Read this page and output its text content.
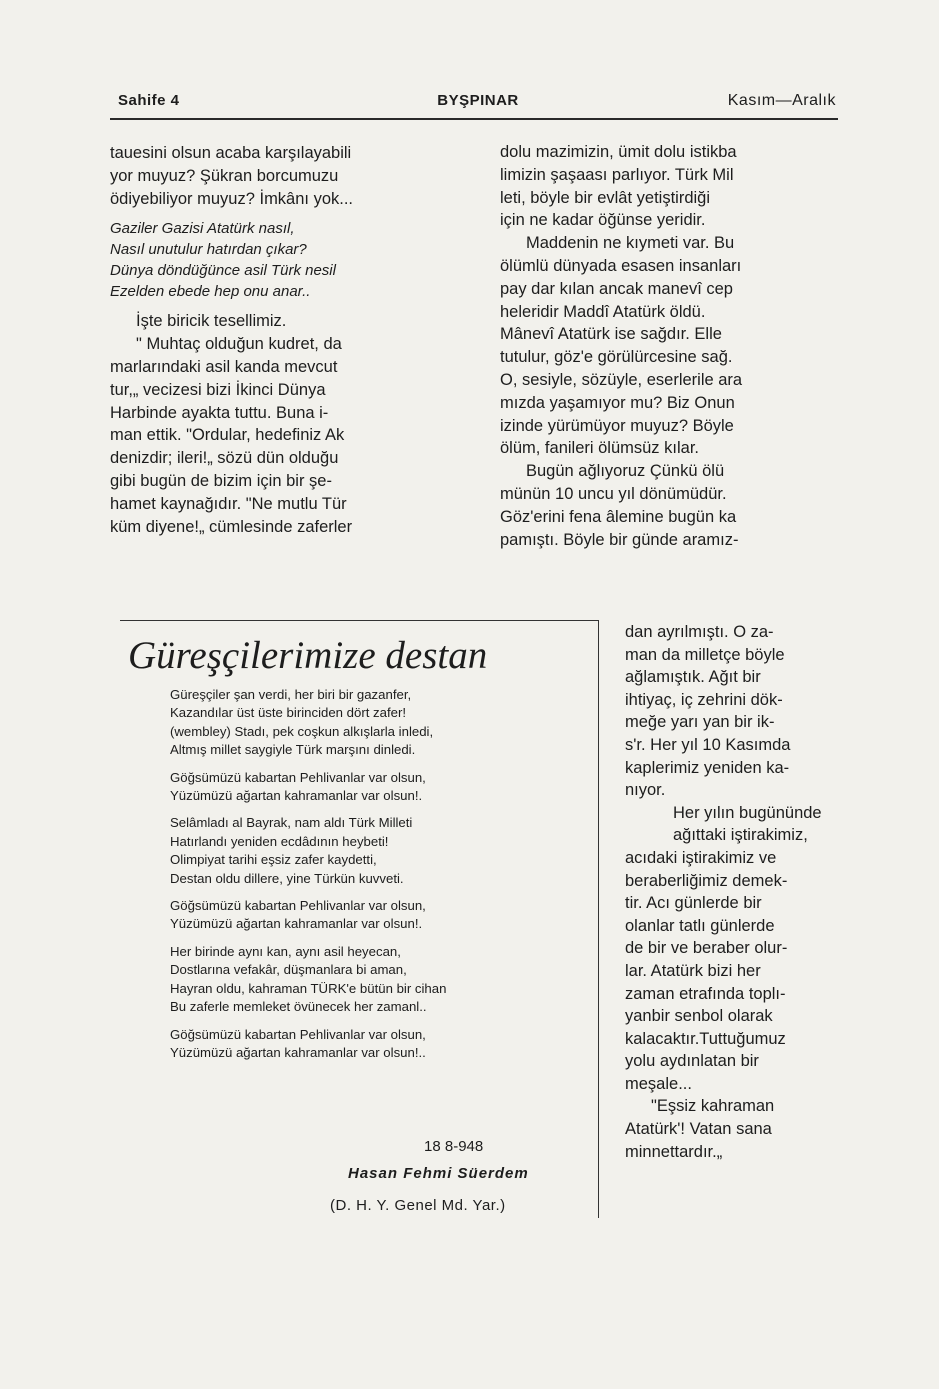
Sahife 4	BYŞPINAR	Kasım—Aralık
tauesini olsun acaba karşılayabili
yor muyuz? Şükran borcumuzu
ödiyebiliyor muyuz? İmkânı yok...
Gaziler Gazisi Atatürk nasıl,
Nasıl unutulur hatırdan çıkar?
Dünya döndüğünce asil Türk nesil
Ezelden ebede hep onu anar..
İşte biricik tesellimiz.
" Muhtaç olduğun kudret, da
marlarındaki asil kanda mevcut
tur,„ vecizesi bizi İkinci Dünya
Harbinde ayakta tuttu. Buna i-
man ettik. "Ordular, hedefiniz Ak
denizdir; ileri!„ sözü dün olduğu
gibi bugün de bizim için bir şe-
hamet kaynağıdır. "Ne mutlu Tür
küm diyene!„ cümlesinde zaferler
dolu mazimizin, ümit dolu istikba
limizin şaşaası parlıyor. Türk Mil
leti, böyle bir evlât yetiştirdiği
için ne kadar öğünse yeridir.
Maddenin ne kıymeti var. Bu
ölümlü dünyada esasen insanları
pay dar kılan ancak manevî cep
heleridir Maddî Atatürk öldü.
Mânevî Atatürk ise sağdır. Elle
tutulur, göz'e görülürcesine sağ.
O, sesiyle, sözüyle, eserlerile ara
mızda yaşamıyor mu? Biz Onun
izinde yürümüyor muyuz? Böyle
ölüm, fanileri ölümsüz kılar.
Bugün ağlıyoruz Çünkü ölü
münün 10 uncu yıl dönümüdür.
Göz'erini fena âlemine bugün ka
pamıştı. Böyle bir günde aramız-
dan ayrılmıştı. O za-
man da milletçe böyle
ağlamıştık. Ağıt bir
ihtiyaç, iç zehrini dök-
meğe yarı yan bir ik-
s'r. Her yıl 10 Kasımda
kaplerimiz yeniden ka-
nıyor.
Her yılın bugününde ağıttaki iştirakimiz,
acıdaki iştirakimiz ve
beraberliğimiz demek-
tir. Acı günlerde bir
olanlar tatlı günlerde
de bir ve beraber olur-
lar. Atatürk bizi her
zaman etrafında toplı-
yanbir senbol olarak
kalacaktır.Tuttuğumuz
yolu aydınlatan bir
meşale...
"Eşsiz kahraman
Atatürk'! Vatan sana
minnettardır.„
Güreşçilerimize destan
Güreşçiler şan verdi, her biri bir gazanfer,
Kazandılar üst üste birinciden dört zafer!
(wembley) Stadı, pek coşkun alkışlarla inledi,
Altmış millet saygiyle Türk marşını dinledi.
Göğsümüzü kabartan Pehlivanlar var olsun,
Yüzümüzü ağartan kahramanlar var olsun!.
Selâmladı al Bayrak, nam aldı Türk Milleti
Hatırlandı yeniden ecdâdının heybeti!
Olimpiyat tarihi eşsiz zafer kaydetti,
Destan oldu dillere, yine Türkün kuvveti.
Göğsümüzü kabartan Pehlivanlar var olsun,
Yüzümüzü ağartan kahramanlar var olsun!.
Her birinde aynı kan, aynı asil heyecan,
Dostlarına vefakâr, düşmanlara bi aman,
Hayran oldu, kahraman TÜRK'e bütün bir cihan
Bu zaferle memleket övünecek her zamanl..
Göğsümüzü kabartan Pehlivanlar var olsun,
Yüzümüzü ağartan kahramanlar var olsun!..
18 8-948
Hasan Fehmi Süerdem
(D. H. Y. Genel Md. Yar.)
